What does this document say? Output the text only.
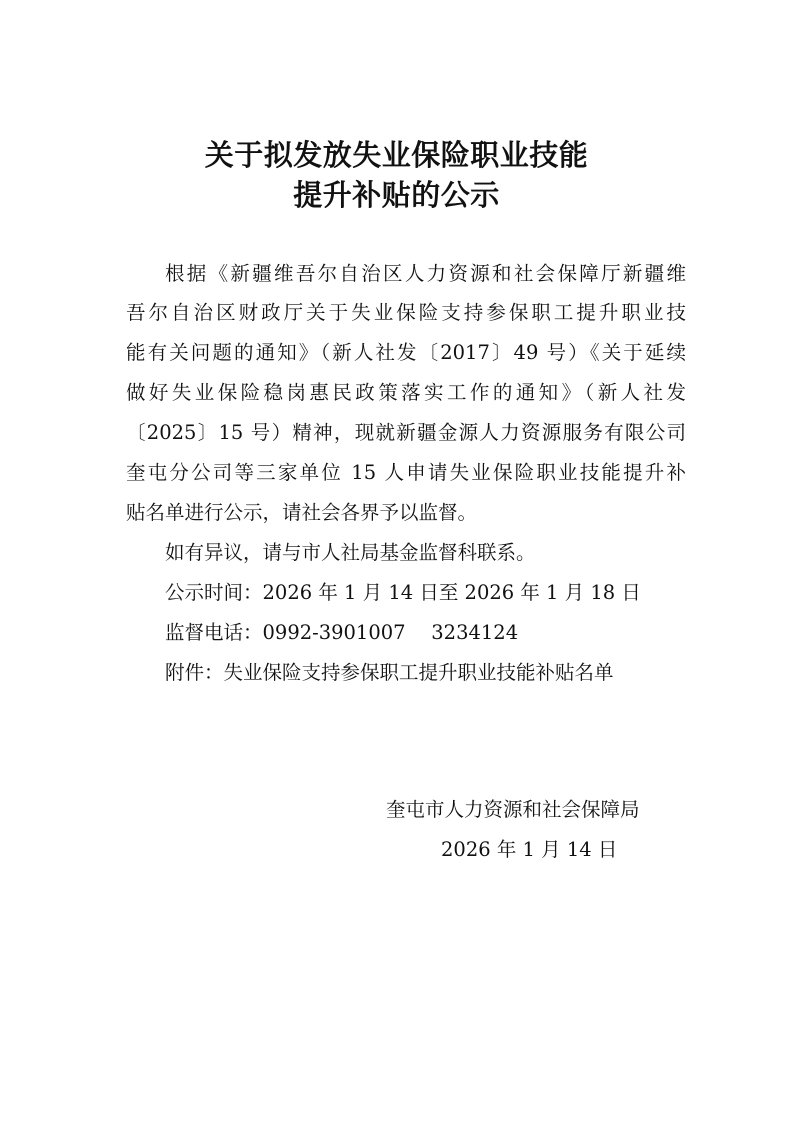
关于拟发放失业保险职业技能
提升补贴的公示
根据《新疆维吾尔自治区人力资源和社会保障厅新疆维
吾尔自治区财政厅关于失业保险支持参保职工提升职业技
能有关问题的通知》（新人社发〔2017〕49 号）《关于延续
做好失业保险稳岗惠民政策落实工作的通知》（新人社发
〔2025〕15 号）精神，现就新疆金源人力资源服务有限公司
奎屯分公司等三家单位 15 人申请失业保险职业技能提升补
贴名单进行公示，请社会各界予以监督。
如有异议，请与市人社局基金监督科联系。
公示时间：2026 年 1 月 14 日至 2026 年 1 月 18 日
监督电话：0992-3901007　 3234124
附件：失业保险支持参保职工提升职业技能补贴名单
奎屯市人力资源和社会保障局
2026 年 1 月 14 日
